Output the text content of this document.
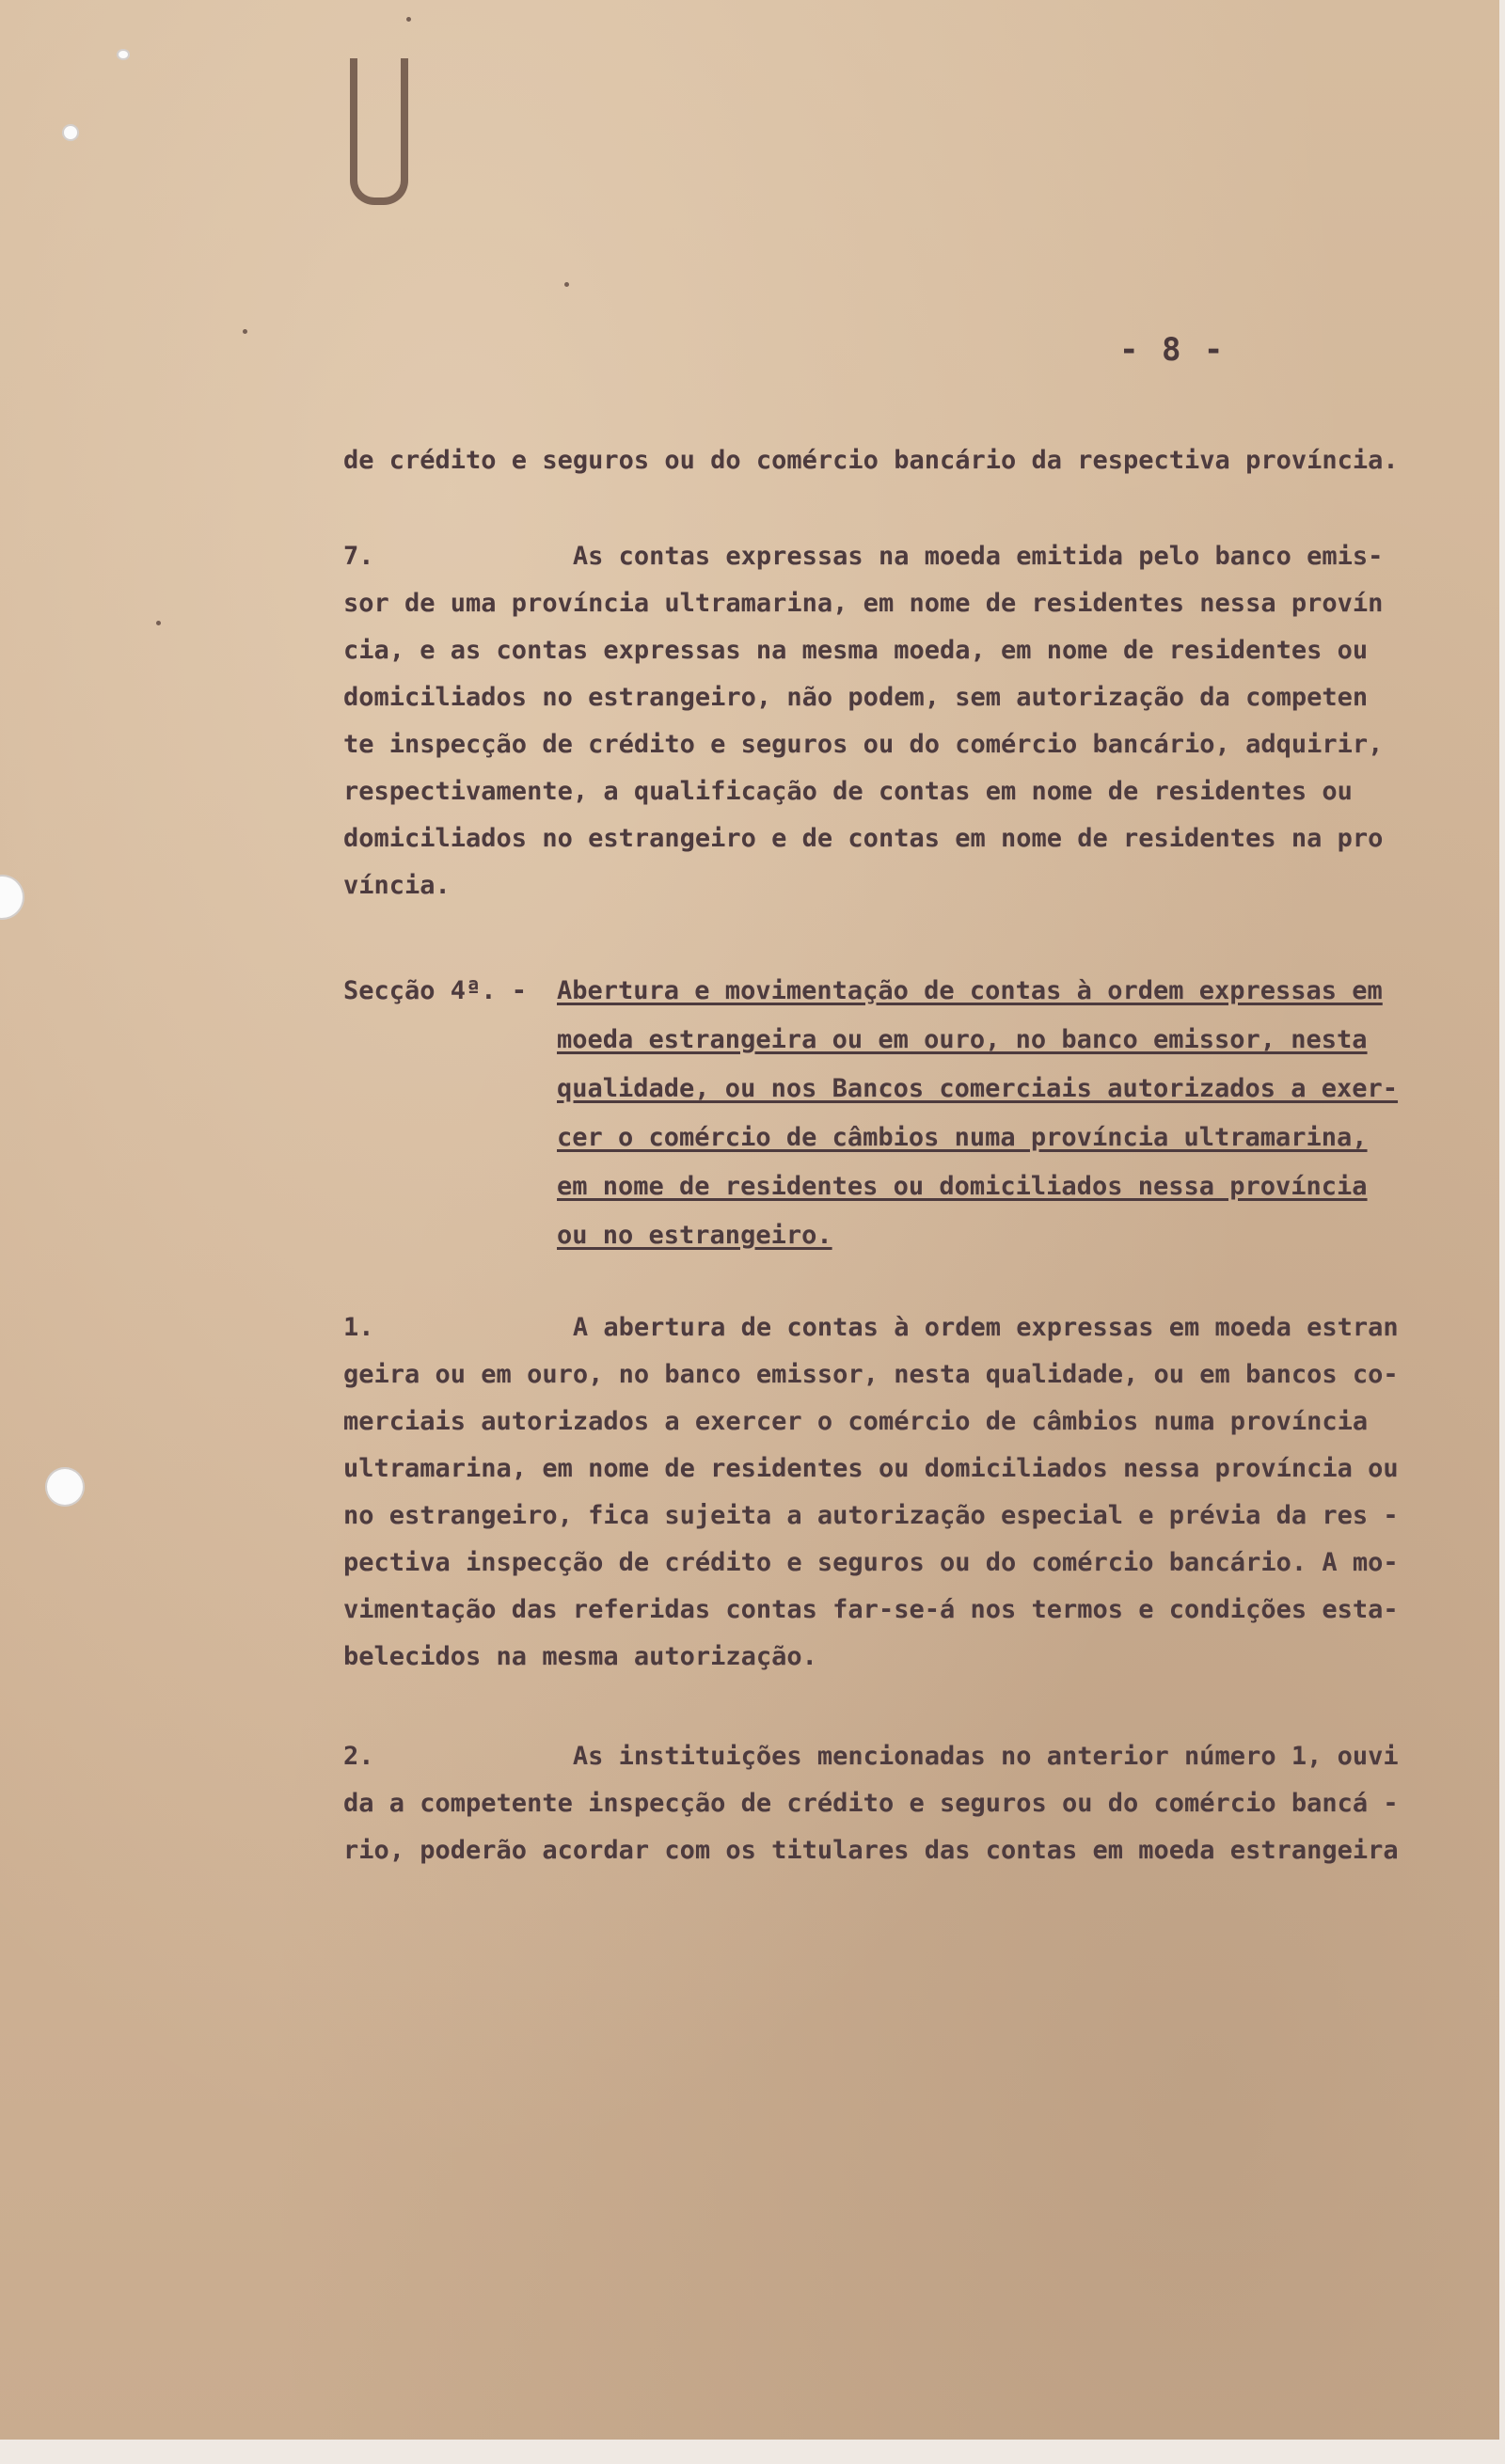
- 8 -
de crédito e seguros ou do comércio bancário da respectiva província.
7.             As contas expressas na moeda emitida pelo banco emis-
sor de uma província ultramarina, em nome de residentes nessa provín
cia, e as contas expressas na mesma moeda, em nome de residentes ou
domiciliados no estrangeiro, não podem, sem autorização da competen
te inspecção de crédito e seguros ou do comércio bancário, adquirir,
respectivamente, a qualificação de contas em nome de residentes ou
domiciliados no estrangeiro e de contas em nome de residentes na pro
víncia.
Secção 4ª. -	Abertura e movimentação de contas à ordem expressas em
moeda estrangeira ou em ouro, no banco emissor, nesta
qualidade, ou nos Bancos comerciais autorizados a exer-
cer o comércio de câmbios numa província ultramarina,
em nome de residentes ou domiciliados nessa província
ou no estrangeiro.
1.             A abertura de contas à ordem expressas em moeda estran
geira ou em ouro, no banco emissor, nesta qualidade, ou em bancos co-
merciais autorizados a exercer o comércio de câmbios numa província
ultramarina, em nome de residentes ou domiciliados nessa província ou
no estrangeiro, fica sujeita a autorização especial e prévia da res -
pectiva inspecção de crédito e seguros ou do comércio bancário. A mo-
vimentação das referidas contas far-se-á nos termos e condições esta-
belecidos na mesma autorização.
2.             As instituições mencionadas no anterior número 1, ouvi
da a competente inspecção de crédito e seguros ou do comércio bancá -
rio, poderão acordar com os titulares das contas em moeda estrangeira
